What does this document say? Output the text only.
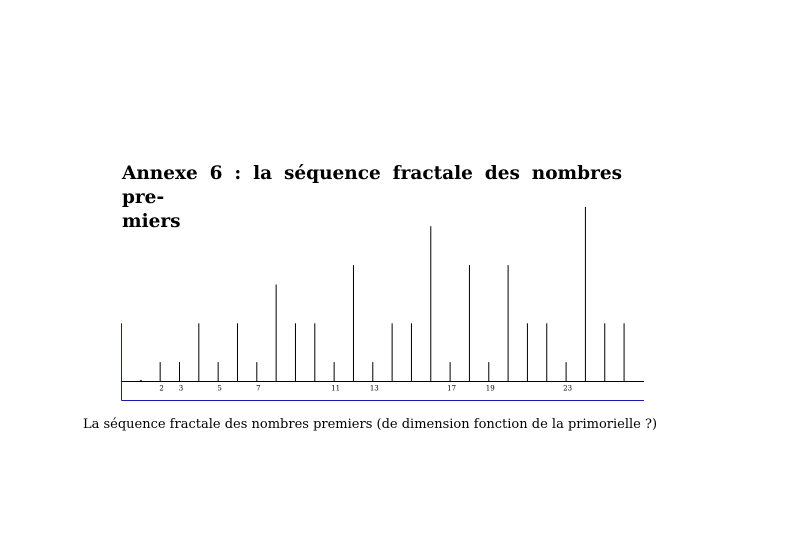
Annexe 6 : la séquence fractale des nombres pre-
miers
2 3	5	7	11	13	17	19	23

La séquence fractale des nombres premiers (de dimension fonction de la primorielle ?)
